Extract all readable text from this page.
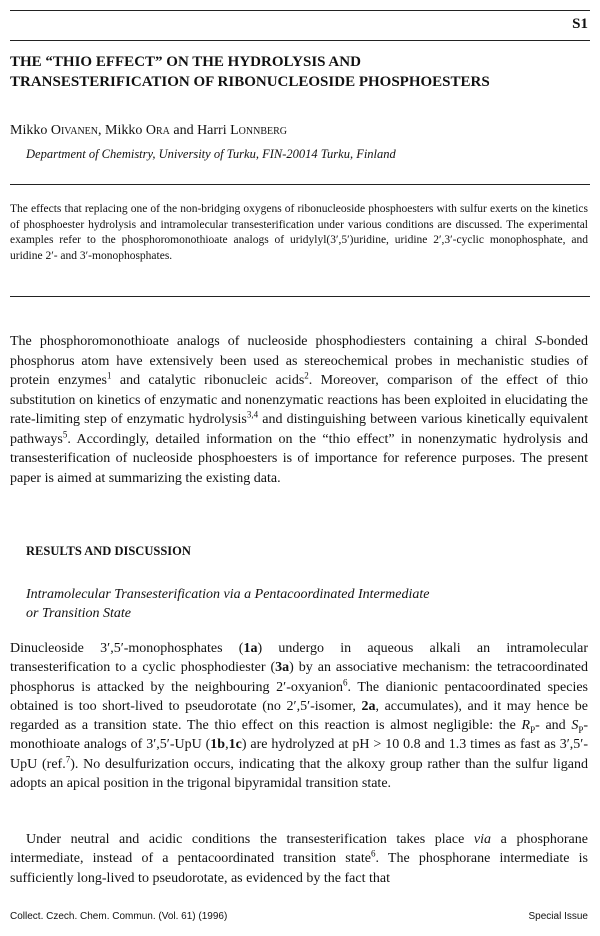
S1
THE “THIO EFFECT” ON THE HYDROLYSIS AND
TRANSESTERIFICATION OF RIBONUCLEOSIDE PHOSPHOESTERS
Mikko Oivanen, Mikko Ora and Harri Lonnberg
Department of Chemistry, University of Turku, FIN-20014 Turku, Finland
The effects that replacing one of the non-bridging oxygens of ribonucleoside phosphoesters with sulfur exerts on the kinetics of phosphoester hydrolysis and intramolecular transesterification under various conditions are discussed. The experimental examples refer to the phosphoromonothioate analogs of uridylyl(3′,5′)uridine, uridine 2′,3′-cyclic monophosphate, and uridine 2′- and 3′-monophosphates.
The phosphoromonothioate analogs of nucleoside phosphodiesters containing a chiral S-bonded phosphorus atom have extensively been used as stereochemical probes in mechanistic studies of protein enzymes$^1$ and catalytic ribonucleic acids$^2$. Moreover, comparison of the effect of thio substitution on kinetics of enzymatic and nonenzymatic reactions has been exploited in elucidating the rate-limiting step of enzymatic hydrolysis$^{3,4}$ and distinguishing between various kinetically equivalent pathways$^5$. Accordingly, detailed information on the “thio effect” in nonenzymatic hydrolysis and transesterification of nucleoside phosphoesters is of importance for reference purposes. The present paper is aimed at summarizing the existing data.
RESULTS AND DISCUSSION
Intramolecular Transesterification via a Pentacoordinated Intermediate
or Transition State
Dinucleoside 3′,5′-monophosphates (1a) undergo in aqueous alkali an intramolecular transesterification to a cyclic phosphodiester (3a) by an associative mechanism: the tetracoordinated phosphorus is attacked by the neighbouring 2′-oxyanion$^6$. The dianionic pentacoordinated species obtained is too short-lived to pseudorotate (no 2′,5′-isomer, 2a, accumulates), and it may hence be regarded as a transition state. The thio effect on this reaction is almost negligible: the $R_P-$ and $S_P$-monothioate analogs of 3′,5′-UpU (1b,1c) are hydrolyzed at pH > 10 0.8 and 1.3 times as fast as 3′,5′-UpU (ref.$^7$). No desulfurization occurs, indicating that the alkoxy group rather than the sulfur ligand adopts an apical position in the trigonal bipyramidal transition state.
Under neutral and acidic conditions the transesterification takes place via a phosphorane intermediate, instead of a pentacoordinated transition state$^6$. The phosphorane intermediate is sufficiently long-lived to pseudorotate, as evidenced by the fact that
Collect. Czech. Chem. Commun. (Vol. 61) (1996)	Special Issue
